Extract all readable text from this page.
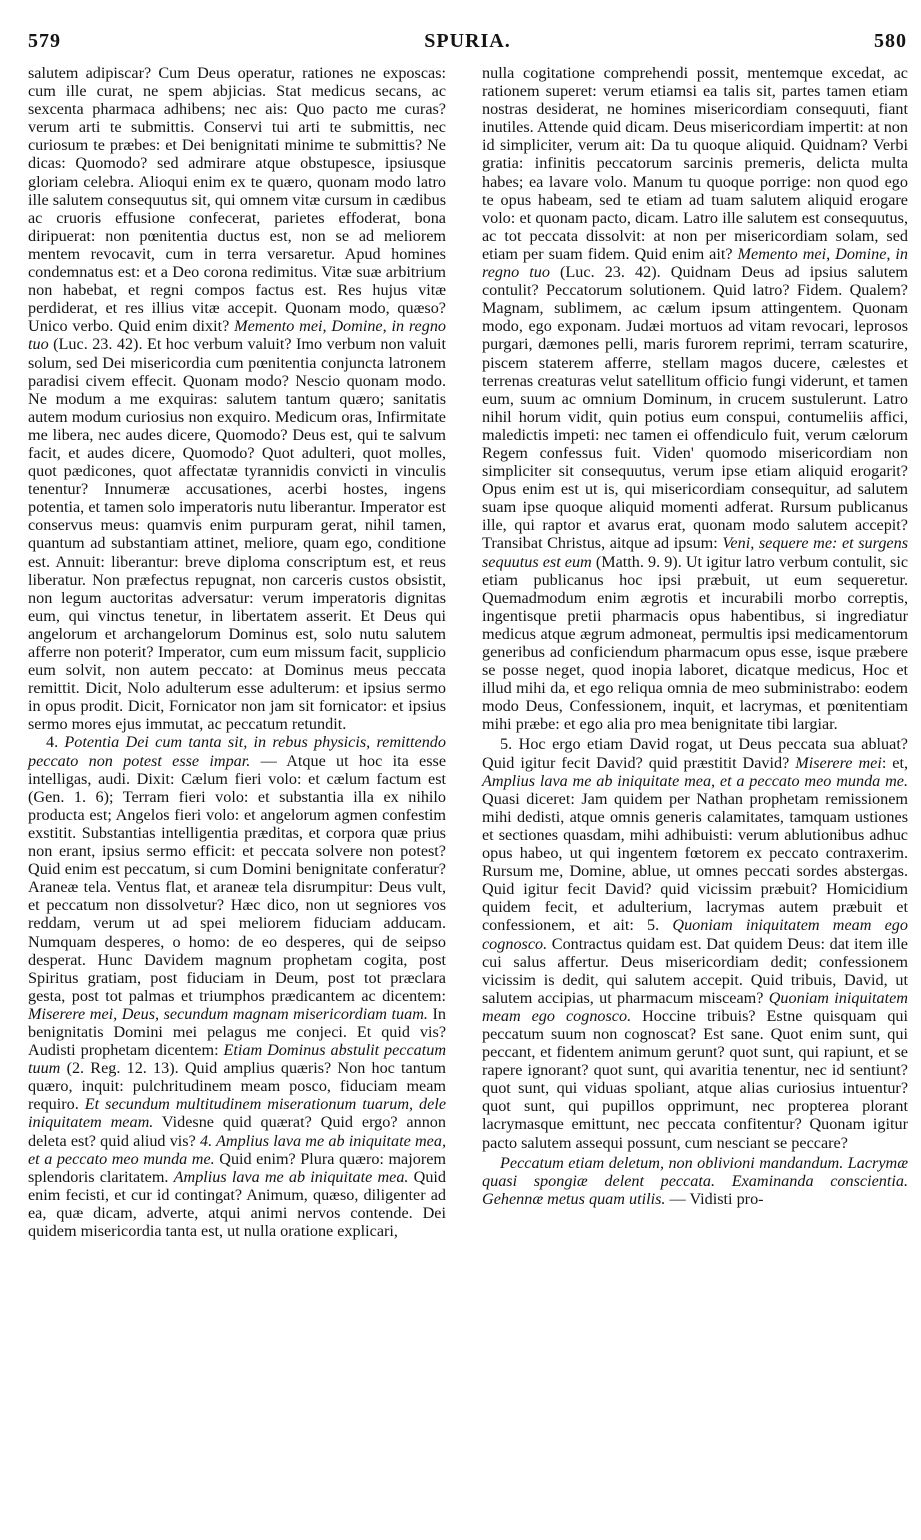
579	SPURIA.	580

salutem adipiscar? Cum Deus operatur, rationes ne exposcas: cum ille curat, ne spem abjicias. Stat medicus secans, ac sexcenta pharmaca adhibens; nec ais: Quo pacto me curas? verum arti te submittis. Conservi tui arti te submittis, nec curiosum te præbes: et Dei benignitati minime te submittis? Ne dicas: Quomodo? sed admirare atque obstupesce, ipsiusque gloriam celebra. Alioqui enim ex te quæro, quonam modo latro ille salutem consequutus sit, qui omnem vitæ cursum in cædibus ac cruoris effusione confecerat, parietes effoderat, bona diripuerat: non pœnitentia ductus est, non se ad meliorem mentem revocavit, cum in terra versaretur. Apud homines condemnatus est: et a Deo corona redimitus. Vitæ suæ arbitrium non habebat, et regni compos factus est. Res hujus vitæ perdiderat, et res illius vitæ accepit. Quonam modo, quæso? Unico verbo. Quid enim dixit? Memento mei, Domine, in regno tuo (Luc. 23. 42). Et hoc verbum valuit? Imo verbum non valuit solum, sed Dei misericordia cum pœnitentia conjuncta latronem paradisi civem effecit. Quonam modo? Nescio quonam modo. Ne modum a me exquiras: salutem tantum quæro; sanitatis autem modum curiosius non exquiro. Medicum oras, Infirmitate me libera, nec audes dicere, Quomodo? Deus est, qui te salvum facit, et audes dicere, Quomodo? Quot adulteri, quot molles, quot pædicones, quot affectatæ tyrannidis convicti in vinculis tenentur? Innumeræ accusationes, acerbi hostes, ingens potentia, et tamen solo imperatoris nutu liberantur. Imperator est conservus meus: quamvis enim purpuram gerat, nihil tamen, quantum ad substantiam attinet, meliore, quam ego, conditione est. Annuit: liberantur: breve diploma conscriptum est, et reus liberatur. Non præfectus repugnat, non carceris custos obsistit, non legum auctoritas adversatur: verum imperatoris dignitas eum, qui vinctus tenetur, in libertatem asserit. Et Deus qui angelorum et archangelorum Dominus est, solo nutu salutem afferre non poterit? Imperator, cum eum missum facit, supplicio eum solvit, non autem peccato: at Dominus meus peccata remittit. Dicit, Nolo adulterum esse adulterum: et ipsius sermo in opus prodit. Dicit, Fornicator non jam sit fornicator: et ipsius sermo mores ejus immutat, ac peccatum retundit.

4. Potentia Dei cum tanta sit, in rebus physicis, remittendo peccato non potest esse impar. — Atque ut hoc ita esse intelligas, audi. Dixit: Cælum fieri volo: et cælum factum est (Gen. 1. 6); Terram fieri volo: et substantia illa ex nihilo producta est; Angelos fieri volo: et angelorum agmen confestim exstitit. Substantias intelligentia præditas, et corpora quæ prius non erant, ipsius sermo efficit: et peccata solvere non potest? Quid enim est peccatum, si cum Domini benignitate conferatur? Araneæ tela. Ventus flat, et araneæ tela disrumpitur: Deus vult, et peccatum non dissolvetur? Hæc dico, non ut segniores vos reddam, verum ut ad spei meliorem fiduciam adducam. Numquam desperes, o homo: de eo desperes, qui de seipso desperat. Hunc Davidem magnum prophetam cogita, post Spiritus gratiam, post fiduciam in Deum, post tot præclara gesta, post tot palmas et triumphos prædicantem ac dicentem: Miserere mei, Deus, secundum magnam misericordiam tuam. In benignitatis Domini mei pelagus me conjeci. Et quid vis? Audisti prophetam dicentem: Etiam Dominus abstulit peccatum tuum (2. Reg. 12. 13). Quid amplius quæris? Non hoc tantum quæro, inquit: pulchritudinem meam posco, fiduciam meam requiro. Et secundum multitudinem miserationum tuarum, dele iniquitatem meam. Videsne quid quærat? Quid ergo? annon deleta est? quid aliud vis? 4. Amplius lava me ab iniquitate mea, et a peccato meo munda me. Quid enim? Plura quæro: majorem splendoris claritatem. Amplius lava me ab iniquitate mea. Quid enim fecisti, et cur id contingat? Animum, quæso, diligenter ad ea, quæ dicam, adverte, atqui animi nervos contende. Dei quidem misericordia tanta est, ut nulla oratione explicari,

nulla cogitatione comprehendi possit, mentemque excedat, ac rationem superet: verum etiamsi ea talis sit, partes tamen etiam nostras desiderat, ne homines misericordiam consequuti, fiant inutiles. Attende quid dicam. Deus misericordiam impertit: at non id simpliciter, verum ait: Da tu quoque aliquid. Quidnam? Verbi gratia: infinitis peccatorum sarcinis premeris, delicta multa habes; ea lavare volo. Manum tu quoque porrige: non quod ego te opus habeam, sed te etiam ad tuam salutem aliquid erogare volo: et quonam pacto, dicam. Latro ille salutem est consequutus, ac tot peccata dissolvit: at non per misericordiam solam, sed etiam per suam fidem. Quid enim ait? Memento mei, Domine, in regno tuo (Luc. 23. 42). Quidnam Deus ad ipsius salutem contulit? Peccatorum solutionem. Quid latro? Fidem. Qualem? Magnam, sublimem, ac cælum ipsum attingentem. Quonam modo, ego exponam. Judæi mortuos ad vitam revocari, leprosos purgari, dæmones pelli, maris furorem reprimi, terram scaturire, piscem staterem afferre, stellam magos ducere, cælestes et terrenas creaturas velut satellitum officio fungi viderunt, et tamen eum, suum ac omnium Dominum, in crucem sustulerunt. Latro nihil horum vidit, quin potius eum conspui, contumeliis affici, maledictis impeti: nec tamen ei offendiculo fuit, verum cælorum Regem confessus fuit. Viden' quomodo misericordiam non simpliciter sit consequutus, verum ipse etiam aliquid erogarit? Opus enim est ut is, qui misericordiam consequitur, ad salutem suam ipse quoque aliquid momenti adferat. Rursum publicanus ille, qui raptor et avarus erat, quonam modo salutem accepit? Transibat Christus, aitque ad ipsum: Veni, sequere me: et surgens sequutus est eum (Matth. 9. 9). Ut igitur latro verbum contulit, sic etiam publicanus hoc ipsi præbuit, ut eum sequeretur. Quemadmodum enim ægrotis et incurabili morbo correptis, ingentisque pretii pharmacis opus habentibus, si ingrediatur medicus atque ægrum admoneat, permultis ipsi medicamentorum generibus ad conficiendum pharmacum opus esse, isque præbere se posse neget, quod inopia laboret, dicatque medicus, Hoc et illud mihi da, et ego reliqua omnia de meo subministrabo: eodem modo Deus, Confessionem, inquit, et lacrymas, et pœnitentiam mihi præbe: et ego alia pro mea benignitate tibi largiar.

5. Hoc ergo etiam David rogat, ut Deus peccata sua abluat? Quid igitur fecit David? quid præstitit David? Miserere mei: et, Amplius lava me ab iniquitate mea, et a peccato meo munda me. Quasi diceret: Jam quidem per Nathan prophetam remissionem mihi dedisti, atque omnis generis calamitates, tamquam ustiones et sectiones quasdam, mihi adhibuisti: verum ablutionibus adhuc opus habeo, ut qui ingentem fœtorem ex peccato contraxerim. Rursum me, Domine, ablue, ut omnes peccati sordes abstergas. Quid igitur fecit David? quid vicissim præbuit? Homicidium quidem fecit, et adulterium, lacrymas autem præbuit et confessionem, et ait: 5. Quoniam iniquitatem meam ego cognosco. Contractus quidam est. Dat quidem Deus: dat item ille cui salus affertur. Deus misericordiam dedit; confessionem vicissim is dedit, qui salutem accepit. Quid tribuis, David, ut salutem accipias, ut pharmacum misceam? Quoniam iniquitatem meam ego cognosco. Hoccine tribuis? Estne quisquam qui peccatum suum non cognoscat? Est sane. Quot enim sunt, qui peccant, et fidentem animum gerunt? quot sunt, qui rapiunt, et se rapere ignorant? quot sunt, qui avaritia tenentur, nec id sentiunt? quot sunt, qui viduas spoliant, atque alias curiosius intuentur? quot sunt, qui pupillos opprimunt, nec propterea plorant lacrymasque emittunt, nec peccata confitentur? Quonam igitur pacto salutem assequi possunt, cum nesciant se peccare?

Peccatum etiam deletum, non oblivioni mandandum. Lacrymæ quasi spongiæ delent peccata. Examinanda conscientia. Gehennæ metus quam utilis. — Vidisti pro-
